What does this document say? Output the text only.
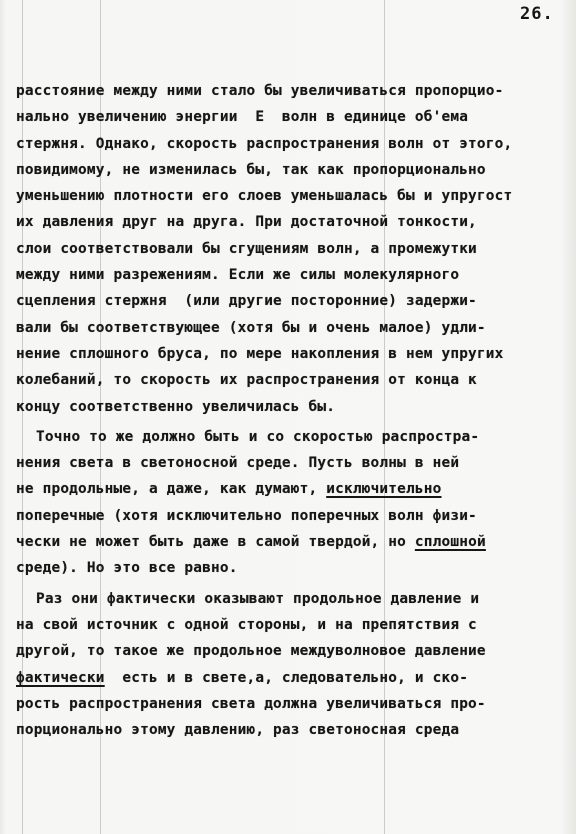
26.
расстояние между ними стало бы увеличиваться пропорцио-
нально увеличению энергии  Е  волн в единице об'ема
стержня. Однако, скорость распространения волн от этого,
повидимому, не изменилась бы, так как пропорционально
уменьшению плотности его слоев уменьшалась бы и упругост
их давления друг на друга. При достаточной тонкости,
слои соответствовали бы сгущениям волн, а промежутки
между ними разрежениям. Если же силы молекулярного
сцепления стержня  (или другие посторонние) задержи-
вали бы соответствующее (хотя бы и очень малое) удли-
нение сплошного бруса, по мере накопления в нем упругих
колебаний, то скорость их распространения от конца к
концу соответственно увеличилась бы.
Точно то же должно быть и со скоростью распростра-
нения света в светоносной среде. Пусть волны в ней
не продольные, а даже, как думают, исключительно
поперечные (хотя исключительно поперечных волн физи-
чески не может быть даже в самой твердой, но сплошной
среде). Но это все равно.
Раз они фактически оказывают продольное давление и
на свой источник с одной стороны, и на препятствия с
другой, то такое же продольное междуволновое давление
фактически  есть и в свете,а, следовательно, и ско-
рость распространения света должна увеличиваться про-
порционально этому давлению, раз светоносная среда
